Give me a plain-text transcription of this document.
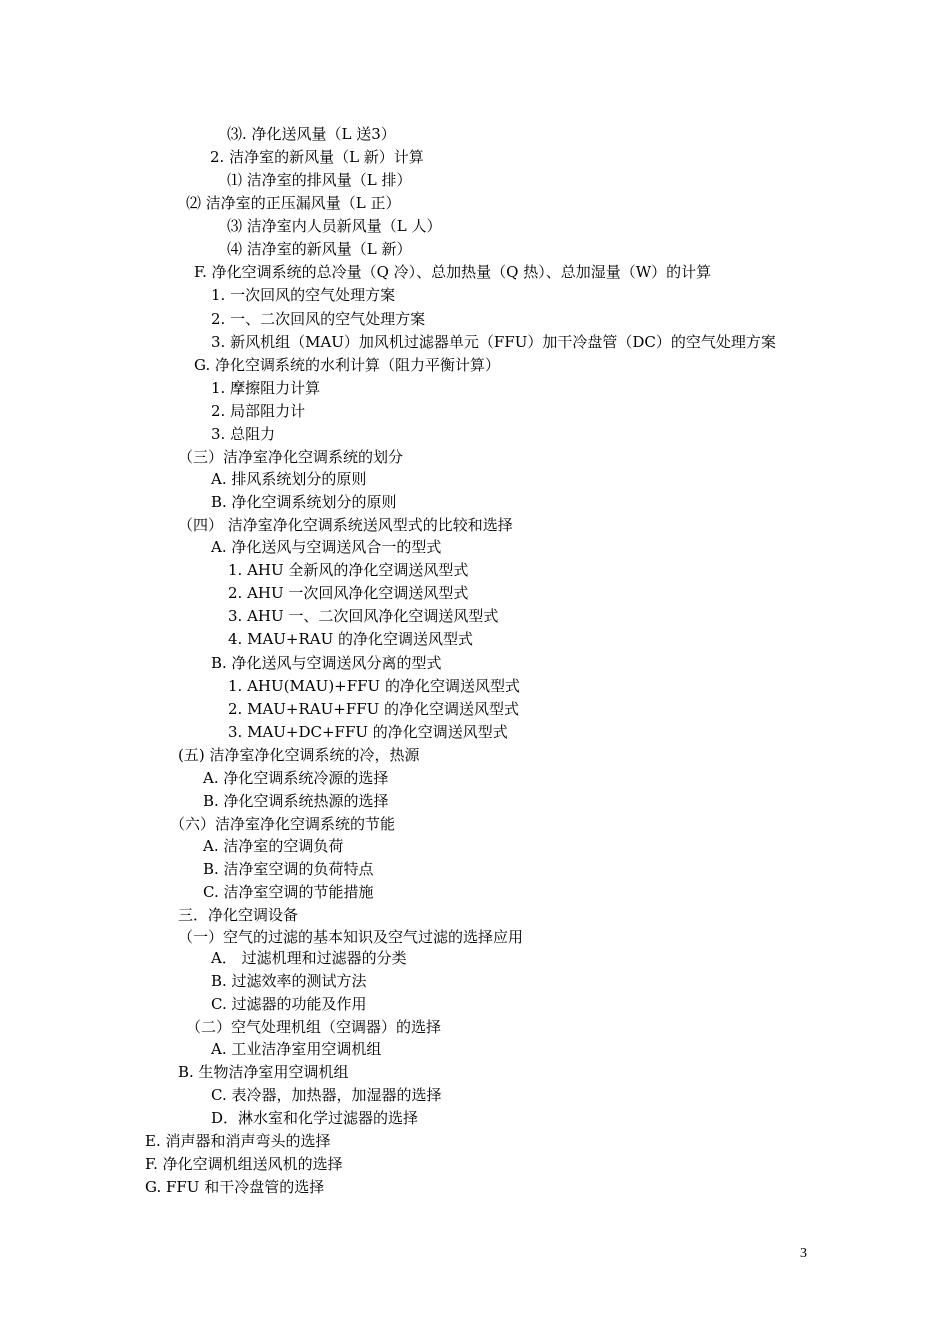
⑶. 净化送风量（L 送3）
2. 洁净室的新风量（L 新）计算
⑴ 洁净室的排风量（L 排）
⑵ 洁净室的正压漏风量（L 正）
⑶ 洁净室内人员新风量（L 人）
⑷ 洁净室的新风量（L 新）
F. 净化空调系统的总冷量（Q 冷）、总加热量（Q 热）、总加湿量（W）的计算
1. 一次回风的空气处理方案
2. 一、二次回风的空气处理方案
3. 新风机组（MAU）加风机过滤器单元（FFU）加干冷盘管（DC）的空气处理方案
G. 净化空调系统的水利计算（阻力平衡计算）
1. 摩擦阻力计算
2. 局部阻力计
3. 总阻力
（三）洁净室净化空调系统的划分
A. 排风系统划分的原则
B. 净化空调系统划分的原则
（四） 洁净室净化空调系统送风型式的比较和选择
A. 净化送风与空调送风合一的型式
1. AHU 全新风的净化空调送风型式
2. AHU 一次回风净化空调送风型式
3. AHU 一、二次回风净化空调送风型式
4. MAU+RAU 的净化空调送风型式
B. 净化送风与空调送风分离的型式
1. AHU(MAU)+FFU 的净化空调送风型式
2. MAU+RAU+FFU 的净化空调送风型式
3. MAU+DC+FFU 的净化空调送风型式
(五) 洁净室净化空调系统的冷，热源
A. 净化空调系统冷源的选择
B. 净化空调系统热源的选择
（六）洁净室净化空调系统的节能
A. 洁净室的空调负荷
B. 洁净室空调的负荷特点
C. 洁净室空调的节能措施
三．净化空调设备
（一）空气的过滤的基本知识及空气过滤的选择应用
A． 过滤机理和过滤器的分类
B. 过滤效率的测试方法
C. 过滤器的功能及作用
（二）空气处理机组（空调器）的选择
A. 工业洁净室用空调机组
B. 生物洁净室用空调机组
C. 表冷器，加热器，加湿器的选择
D．淋水室和化学过滤器的选择
E. 消声器和消声弯头的选择
F. 净化空调机组送风机的选择
G. FFU 和干冷盘管的选择
3
